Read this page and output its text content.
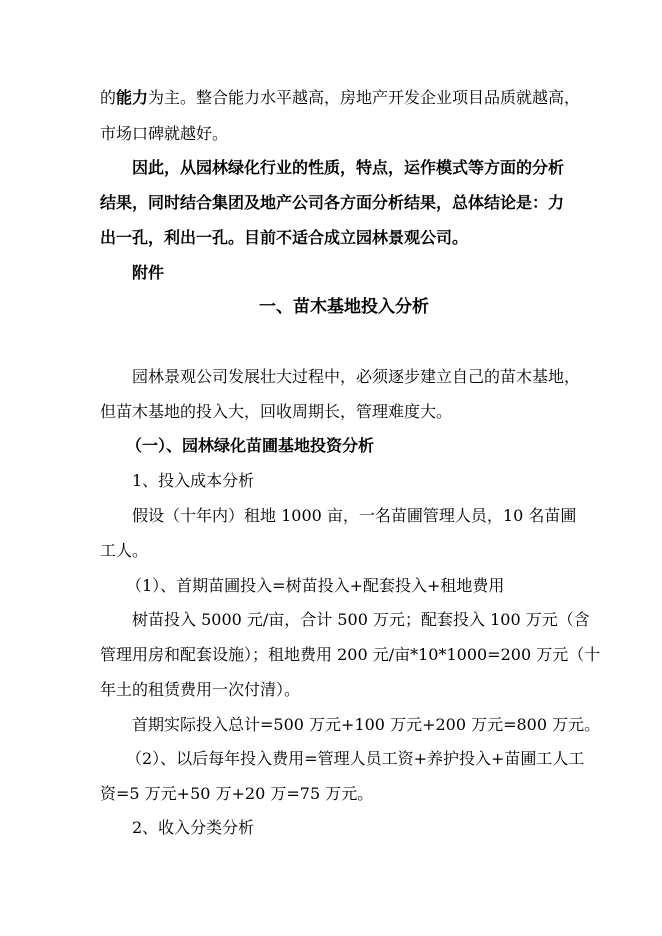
的能力为主。整合能力水平越高，房地产开发企业项目品质就越高，
市场口碑就越好。
因此，从园林绿化行业的性质，特点，运作模式等方面的分析
结果，同时结合集团及地产公司各方面分析结果，总体结论是：力
出一孔，利出一孔。目前不适合成立园林景观公司。
附件
一、苗木基地投入分析
园林景观公司发展壮大过程中，必须逐步建立自己的苗木基地，
但苗木基地的投入大，回收周期长，管理难度大。
（一）、园林绿化苗圃基地投资分析
1、投入成本分析
假设（十年内）租地 1000 亩，一名苗圃管理人员，10 名苗圃
工人。
（1）、首期苗圃投入=树苗投入+配套投入+租地费用
树苗投入 5000 元/亩，合计 500 万元；配套投入 100 万元（含
管理用房和配套设施）；租地费用 200 元/亩*10*1000=200 万元（十
年土的租赁费用一次付清）。
首期实际投入总计=500 万元+100 万元+200 万元=800 万元。
（2）、以后每年投入费用=管理人员工资+养护投入+苗圃工人工
资=5 万元+50 万+20 万=75 万元。
2、收入分类分析
